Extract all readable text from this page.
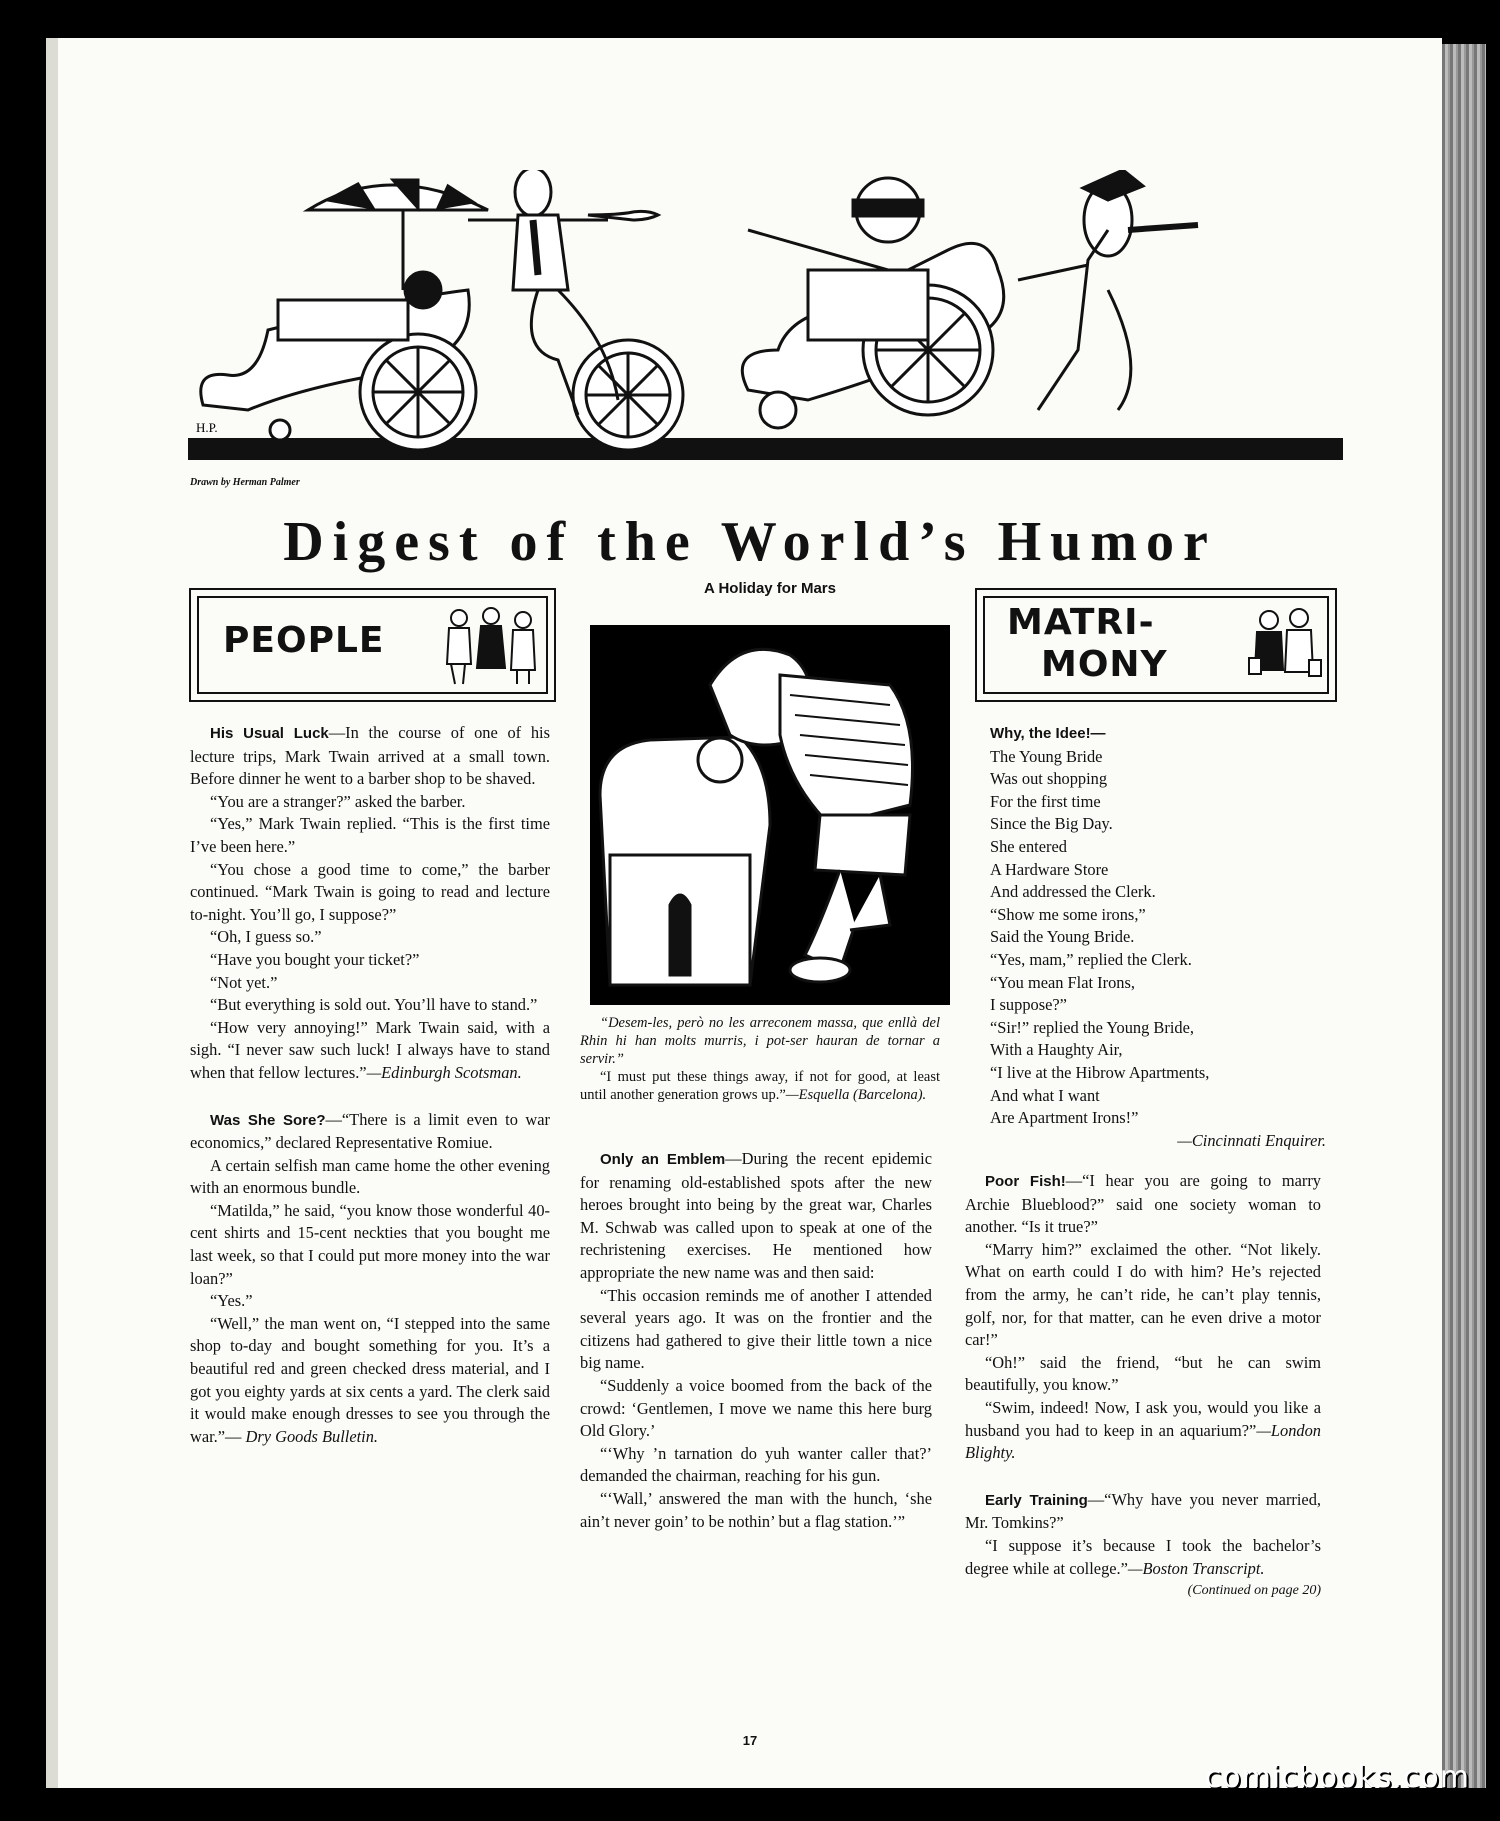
H.P.
Drawn by Herman Palmer
Digest of the World’s Humor
PEOPLE	MATRI-
MONY

His Usual Luck—In the course of one of his lecture trips, Mark Twain arrived at a small town. Before dinner he went to a barber shop to be shaved.

“You are a stranger?” asked the barber.

“Yes,” Mark Twain replied. “This is the first time I’ve been here.”

“You chose a good time to come,” the barber continued. “Mark Twain is going to read and lecture to-night. You’ll go, I suppose?”

“Oh, I guess so.”

“Have you bought your ticket?”

“Not yet.”

“But everything is sold out. You’ll have to stand.”

“How very annoying!” Mark Twain said, with a sigh. “I never saw such luck! I always have to stand when that fellow lectures.”—Edinburgh Scotsman.

Was She Sore?—“There is a limit even to war economics,” declared Representative Romiue.

A certain selfish man came home the other evening with an enormous bundle.

“Matilda,” he said, “you know those wonderful 40-cent shirts and 15-cent neckties that you bought me last week, so that I could put more money into the war loan?”

“Yes.”

“Well,” the man went on, “I stepped into the same shop to-day and bought something for you. It’s a beautiful red and green checked dress material, and I got you eighty yards at six cents a yard. The clerk said it would make enough dresses to see you through the war.”— Dry Goods Bulletin.

A Holiday for Mars

“Desem-les, però no les arreconem massa, que enllà del Rhin hi han molts murris, i pot-ser hauran de tornar a servir.”

“I must put these things away, if not for good, at least until another generation grows up.”—Esquella (Barcelona).

Only an Emblem—During the recent epidemic for renaming old-established spots after the new heroes brought into being by the great war, Charles M. Schwab was called upon to speak at one of the rechristening exercises. He mentioned how appropriate the new name was and then said:

“This occasion reminds me of another I attended several years ago. It was on the frontier and the citizens had gathered to give their little town a nice big name.

“Suddenly a voice boomed from the back of the crowd: ‘Gentlemen, I move we name this here burg Old Glory.’

“‘Why ’n tarnation do yuh wanter caller that?’ demanded the chairman, reaching for his gun.

“‘Wall,’ answered the man with the hunch, ‘she ain’t never goin’ to be nothin’ but a flag station.’”

Why, the Idee!—

The Young Bride

Was out shopping

For the first time

Since the Big Day.

She entered

A Hardware Store

And addressed the Clerk.

“Show me some irons,”

Said the Young Bride.

“Yes, mam,” replied the Clerk.

“You mean Flat Irons,

I suppose?”

“Sir!” replied the Young Bride,

With a Haughty Air,

“I live at the Hibrow Apartments,

And what I want

Are Apartment Irons!”

—Cincinnati Enquirer.

Poor Fish!—“I hear you are going to marry Archie Blueblood?” said one society woman to another. “Is it true?”

“Marry him?” exclaimed the other. “Not likely. What on earth could I do with him? He’s rejected from the army, he can’t ride, he can’t play tennis, golf, nor, for that matter, can he even drive a motor car!”

“Oh!” said the friend, “but he can swim beautifully, you know.”

“Swim, indeed! Now, I ask you, would you like a husband you had to keep in an aquarium?”—London Blighty.

Early Training—“Why have you never married, Mr. Tomkins?”

“I suppose it’s because I took the bachelor’s degree while at college.”—Boston Transcript.

(Continued on page 20)

17
comicbooks.com
